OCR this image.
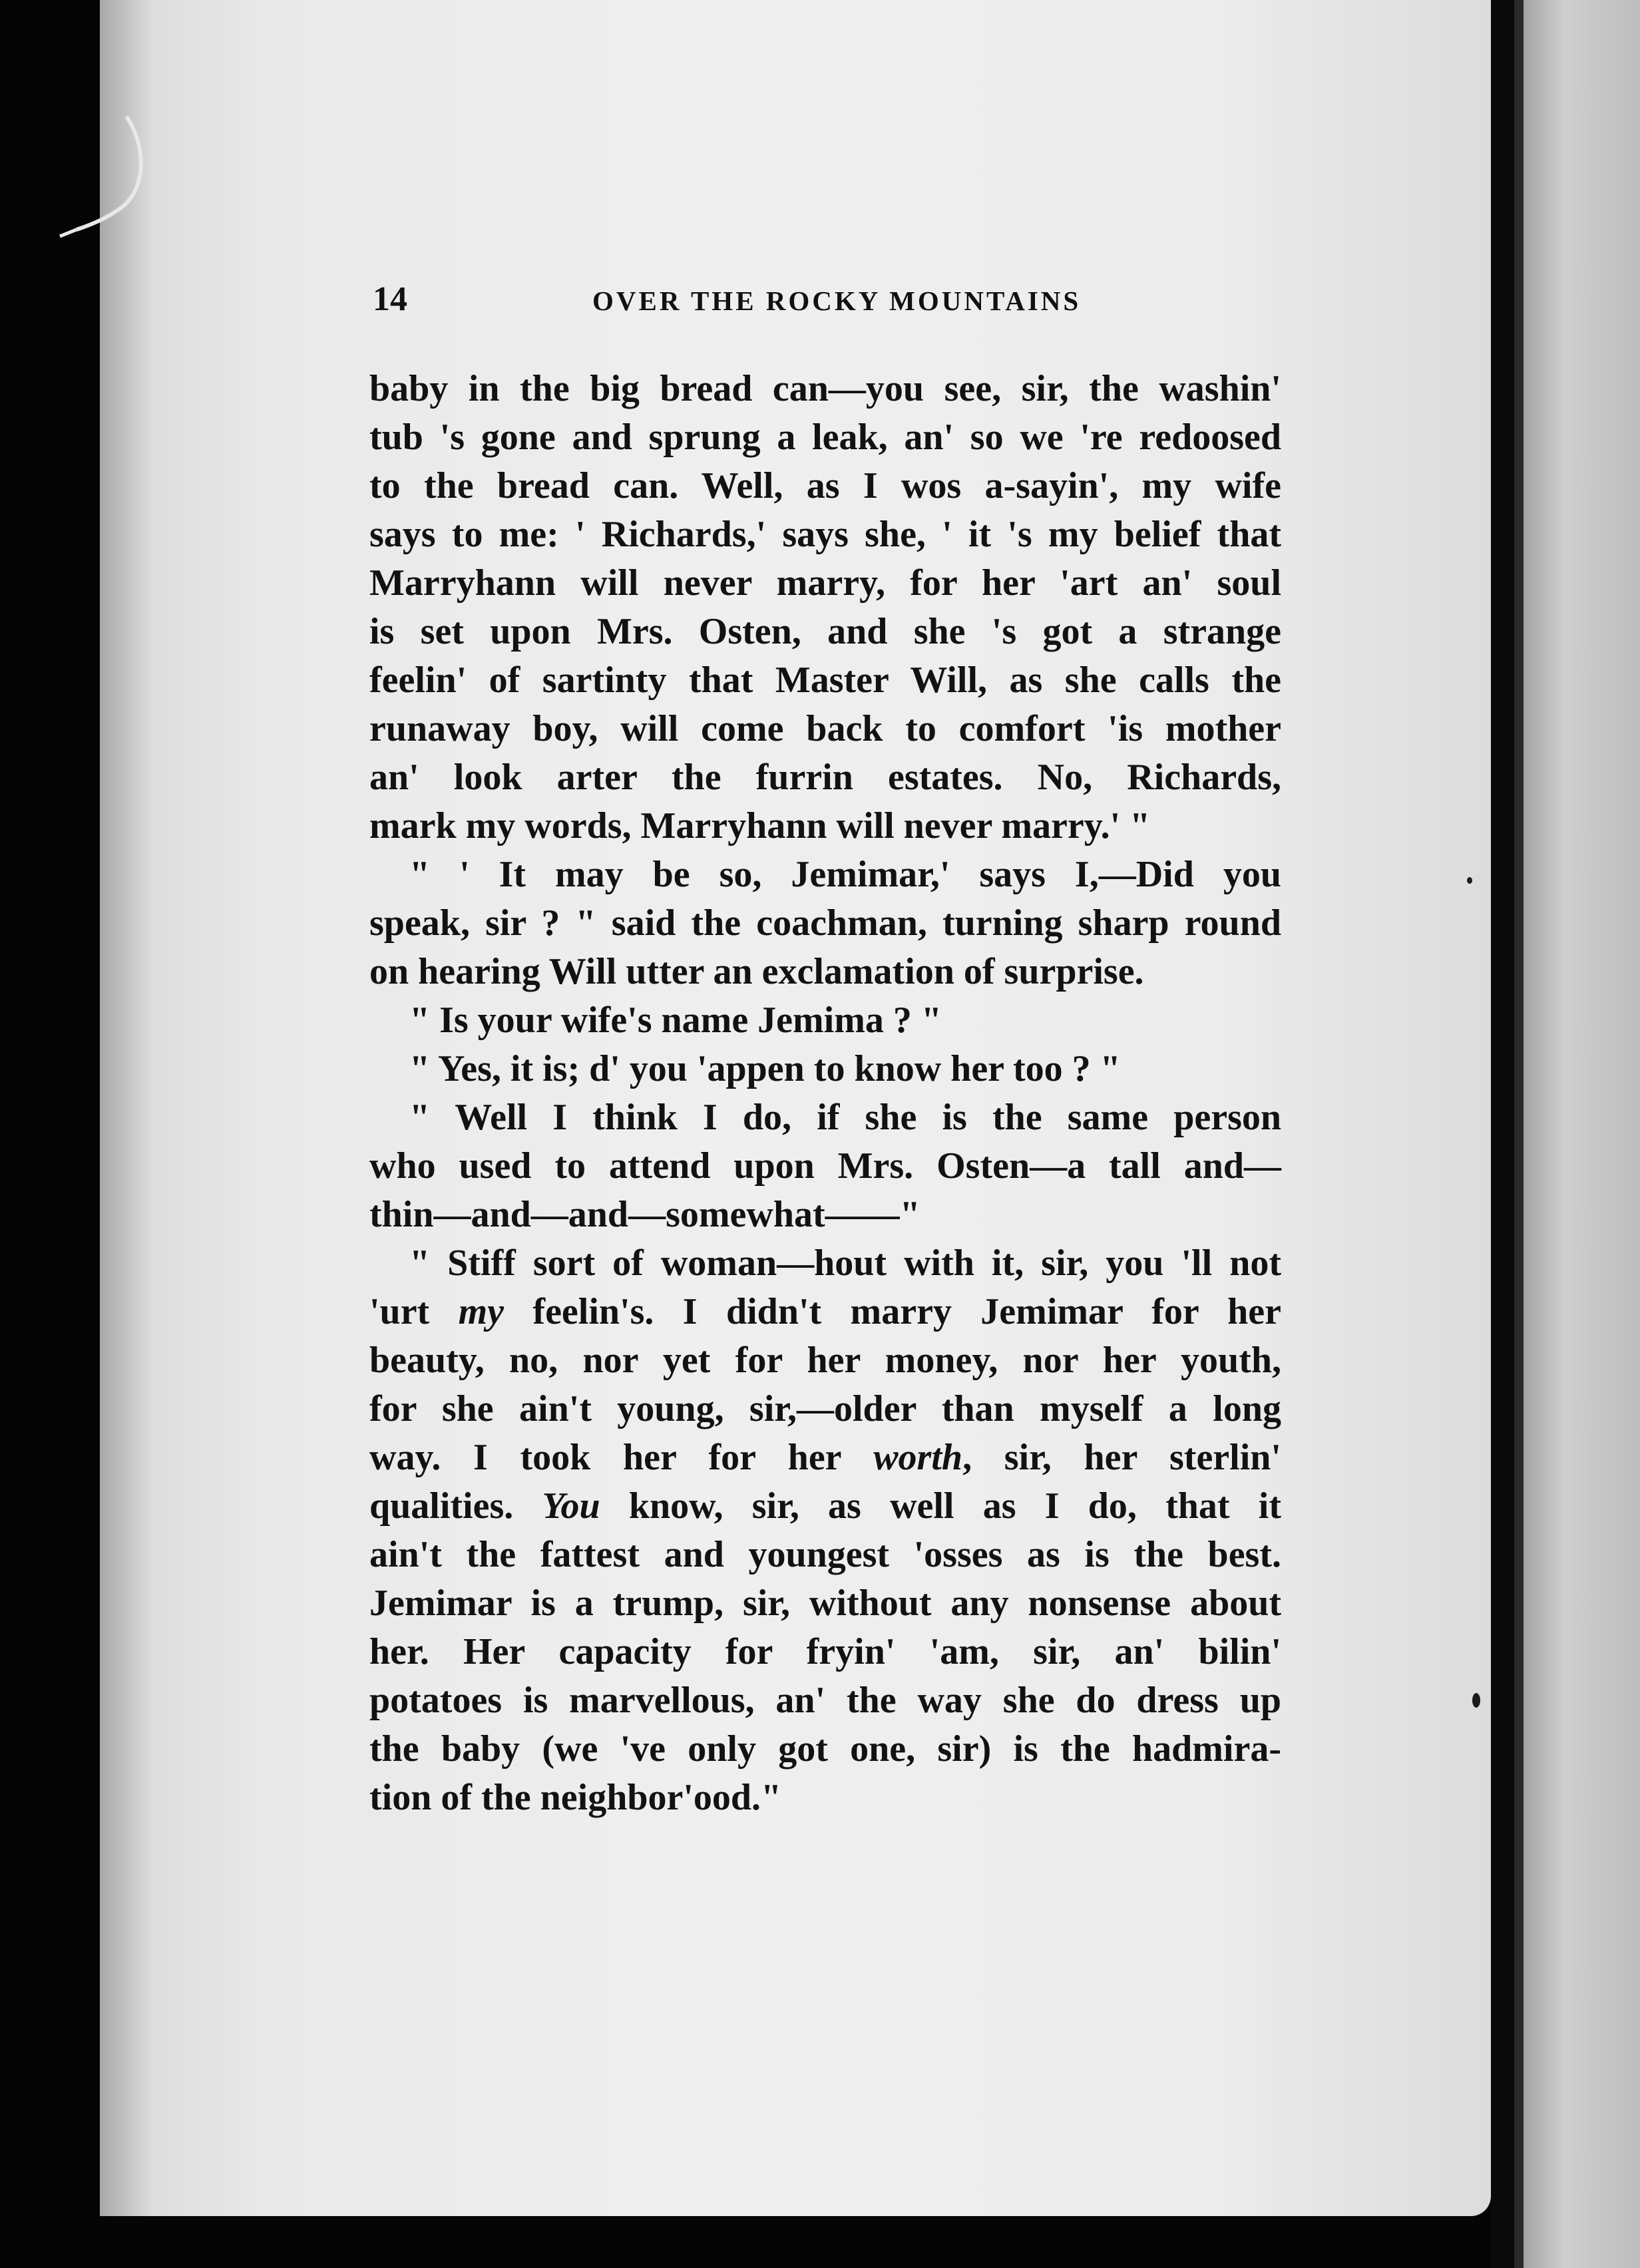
14	OVER THE ROCKY MOUNTAINS

baby in the big bread can—you see, sir, the washin'

tub 's gone and sprung a leak, an' so we 're redoosed

to the bread can. Well, as I wos a-sayin', my wife

says to me: ' Richards,' says she, ' it 's my belief that

Marryhann will never marry, for her 'art an' soul

is set upon Mrs. Osten, and she 's got a strange

feelin' of sartinty that Master Will, as she calls the

runaway boy, will come back to comfort 'is mother

an' look arter the furrin estates. No, Richards,

mark my words, Marryhann will never marry.' "

" ' It may be so, Jemimar,' says I,—Did you

speak, sir ? " said the coachman, turning sharp round

on hearing Will utter an exclamation of surprise.

" Is your wife's name Jemima ? "

" Yes, it is; d' you 'appen to know her too ? "

" Well I think I do, if she is the same person

who used to attend upon Mrs. Osten—a tall and—

thin—and—and—somewhat——"

" Stiff sort of woman—hout with it, sir, you 'll not

'urt my feelin's. I didn't marry Jemimar for her

beauty, no, nor yet for her money, nor her youth,

for she ain't young, sir,—older than myself a long

way. I took her for her worth, sir, her sterlin'

qualities. You know, sir, as well as I do, that it

ain't the fattest and youngest 'osses as is the best.

Jemimar is a trump, sir, without any nonsense about

her. Her capacity for fryin' 'am, sir, an' bilin'

potatoes is marvellous, an' the way she do dress up

the baby (we 've only got one, sir) is the hadmira-

tion of the neighbor'ood."
